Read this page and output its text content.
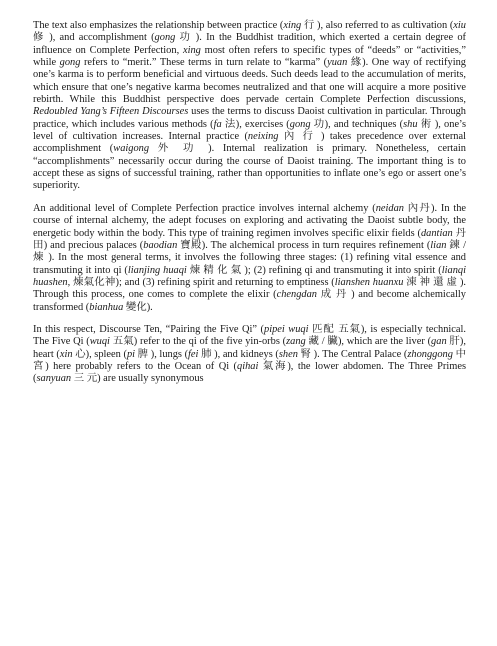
The text also emphasizes the relationship between practice (xing 行 ), also referred to as cultivation (xiu 修 ), and accomplishment (gong 功 ). In the Buddhist tradition, which exerted a certain degree of influence on Complete Perfection, xing most often refers to specific types of “deeds” or “activities,” while gong refers to “merit.” These terms in turn relate to “karma” (yuan 緣). One way of rectifying one’s karma is to perform beneficial and virtuous deeds. Such deeds lead to the accumulation of merits, which ensure that one’s negative karma becomes neutralized and that one will acquire a more positive rebirth. While this Buddhist perspective does pervade certain Complete Perfection discussions, Redoubled Yang’s Fifteen Discourses uses the terms to discuss Daoist cultivation in particular. Through practice, which includes various methods (fa 法), exercises (gong 功), and techniques (shu 術 ), one’s level of cultivation increases. Internal practice (neixing 內 行 ) takes precedence over external accomplishment (waigong 外 功 ). Internal realization is primary. Nonetheless, certain “accomplishments” necessarily occur during the course of Daoist training. The important thing is to accept these as signs of successful training, rather than opportunities to inflate one’s ego or assert one’s superiority.

An additional level of Complete Perfection practice involves internal alchemy (neidan 內丹). In the course of internal alchemy, the adept focuses on exploring and activating the Daoist subtle body, the energetic body within the body. This type of training regimen involves specific elixir fields (dantian 丹田) and precious palaces (baodian 寶殿). The alchemical process in turn requires refinement (lian 鍊 / 煉 ). In the most general terms, it involves the following three stages: (1) refining vital essence and transmuting it into qi (lianjing huaqi 煉 精 化 氣 ); (2) refining qi and transmuting it into spirit (lianqi huashen, 煉氣化神); and (3) refining spirit and returning to emptiness (lianshen huanxu 涷 神 還 虛 ). Through this process, one comes to complete the elixir (chengdan 成 丹 ) and become alchemically transformed (bianhua 變化).

In this respect, Discourse Ten, “Pairing the Five Qi” (pipei wuqi 匹配 五氣), is especially technical. The Five Qi (wuqi 五氣) refer to the qi of the five yin-orbs (zang 藏 / 臟), which are the liver (gan 肝), heart (xin 心), spleen (pi 脾 ), lungs (fei 肺 ), and kidneys (shen 腎 ). The Central Palace (zhonggong 中宮) here probably refers to the Ocean of Qi (qihai 氣海), the lower abdomen. The Three Primes (sanyuan 三 元) are usually synonymous
